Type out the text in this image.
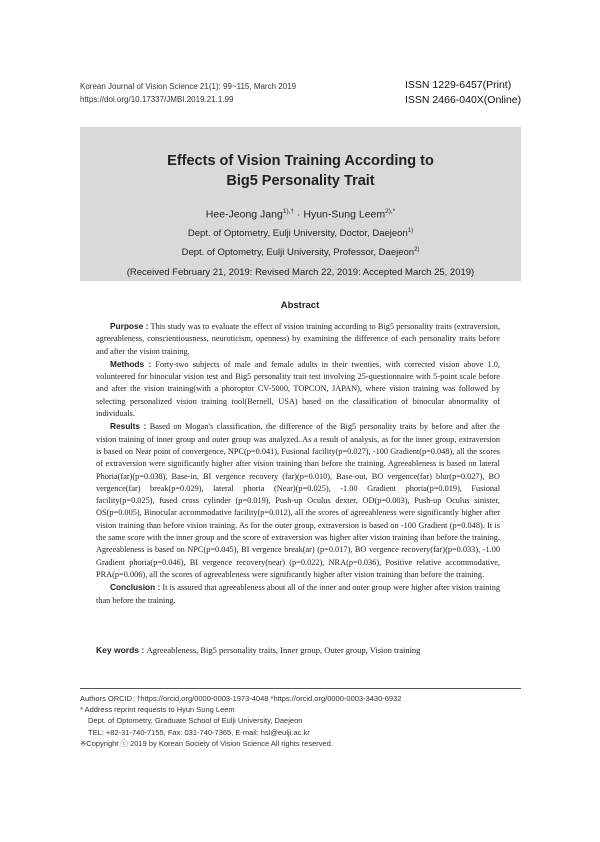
Korean Journal of Vision Science 21(1): 99~115, March 2019
https://doi.org/10.17337/JMBI.2019.21.1.99
ISSN 1229-6457(Print)
ISSN 2466-040X(Online)
Effects of Vision Training According to
Big5 Personality Trait
Hee-Jeong Jang$^{1),\dagger}$ · Hyun-Sung Leem$^{2),*}$
Dept. of Optometry, Eulji University, Doctor, Daejeon$^{1)}$
Dept. of Optometry, Eulji University, Professor, Daejeon$^{2)}$
(Received February 21, 2019: Revised March 22, 2019: Accepted March 25, 2019)
Abstract

Purpose : This study was to evaluate the effect of vision training according to Big5 personality traits (extraversion, agreeableness, conscientiousness, neuroticism, openness) by examining the difference of each personality traits before and after the vision training.

Methods : Forty-two subjects of male and female adults in their twenties, with corrected vision above 1.0, volunteered for binocular vision test and Big5 personality trait test involving 25-questionnaire with 5-point scale before and after the vision training(with a phoroptor CV-5000, TOPCON, JAPAN), where vision training was followed by selecting personalized vision training tool(Bernell, USA) based on the classification of binocular abnormality of individuals.

Results : Based on Mogan's classification, the difference of the Big5 personality traits by before and after the vision training of inner group and outer group was analyzed. As a result of analysis, as for the inner group, extraversion is based on Near point of convergence, NPC(p=0.041), Fusional facility(p=0.027), -100 Gradient(p=0.048), all the scores of extraversion were significantly higher after vision training than before the training. Agreeableness is based on lateral Phoria(far)(p=0.038), Base-in, BI vergence recovery (far)(p=0.010), Base-out, BO vergence(far) blur(p=0.027), BO vergence(far) break(p=0.029), lateral phoria (Near)(p=0.025), -1.00 Gradient phoria(p=0.019), Fusional facility(p=0.025), fused cross cylinder (p=0.019), Push-up Oculus dexter, OD(p=0.003), Push-up Oculus sinister, OS(p=0.005), Binocular accommodative facility(p=0.012), all the scores of agreeableness were significantly higher after vision training than before vision training. As for the outer group, extraversion is based on -100 Gradient (p=0.048). It is the same score with the inner group and the score of extraversion was higher after vision training than before the training. Agreeableness is based on NPC(p=0.045), BI vergence break(ar) (p=0.017), BO vergence recovery(far)(p=0.033), -1.00 Gradient phoria(p=0.046), BI vergence recovery(near) (p=0.022), NRA(p=0.036), Positive relative accommodative, PRA(p=0.006), all the scores of agreeableness were significantly higher after vision training than before the training.

Conclusion : It is assured that agreeableness about all of the inner and outer group were higher after vision training than before the training.

Key words : Agreeableness, Big5 personality traits, Inner group, Outer group, Vision training
Authors ORCID: †https://orcid.org/0000-0003-1973-4048 *https://orcid.org/0000-0003-3430-6932
* Address reprint requests to Hyun Sung Leem
Dept. of Optometry, Graduate School of Eulji University, Daejeon
TEL: +82-31-740-7155, Fax: 031-740-7365, E-mail: hsl@eulji.ac.kr
※Copyright ⓒ 2019 by Korean Society of Vision Science All rights reserved.
